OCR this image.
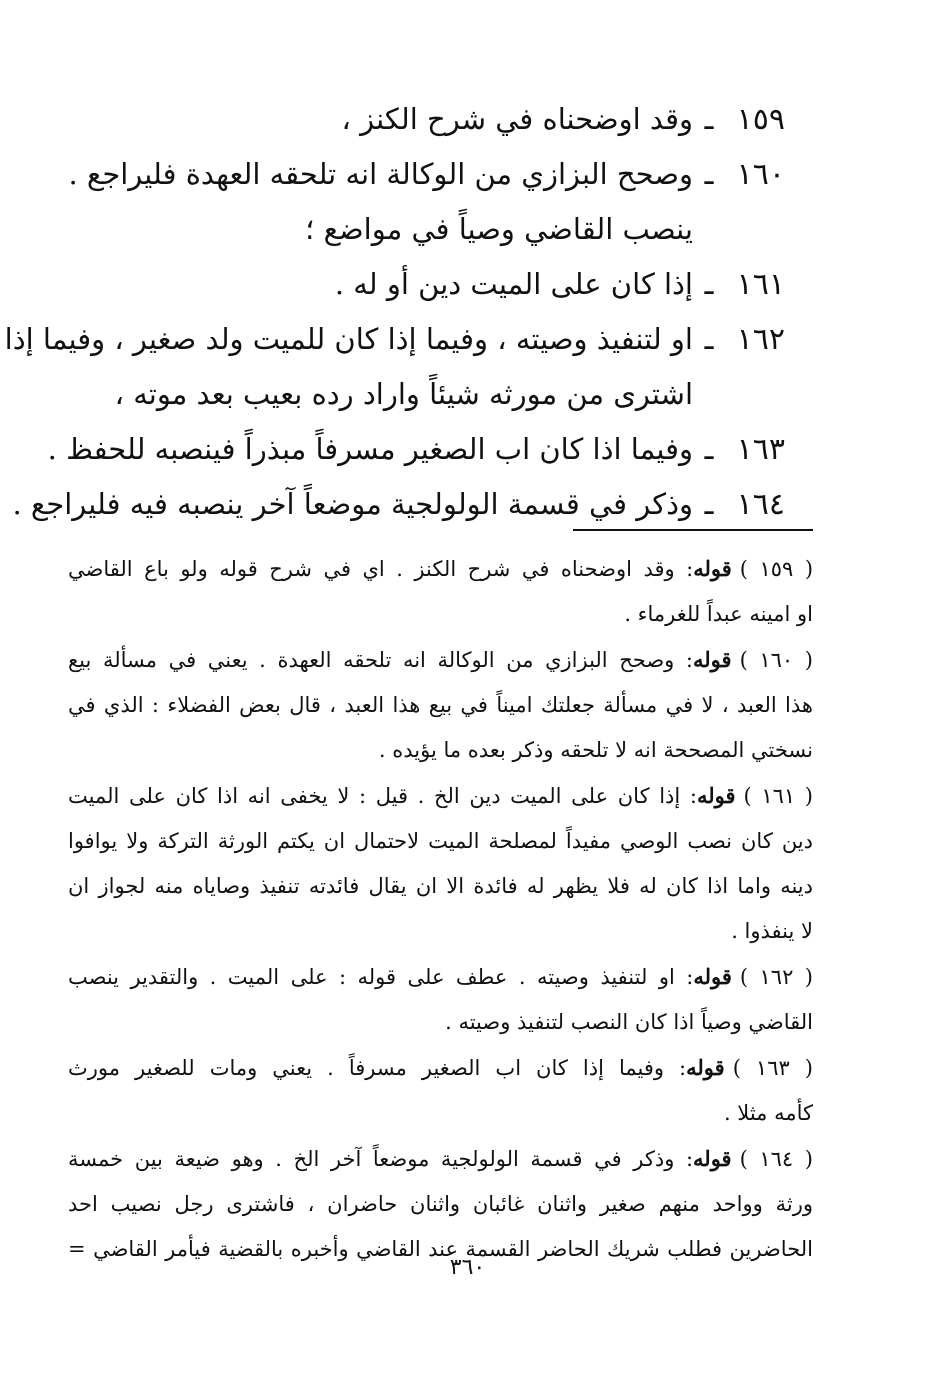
١٥٩
ـ
وقد اوضحناه في شرح الكنز ،
١٦٠
ـ
وصحح البزازي من الوكالة انه تلحقه العهدة فليراجع .
ينصب القاضي وصياً في مواضع ؛
١٦١
ـ
إذا كان على الميت دين أو له .
١٦٢
ـ
او لتنفيذ وصيته ، وفيما إذا كان للميت ولد صغير ، وفيما إذا
اشترى من مورثه شيئاً واراد رده بعيب بعد موته ،
١٦٣
ـ
وفيما اذا كان اب الصغير مسرفاً مبذراً فينصبه للحفظ .
١٦٤
ـ
وذكر في قسمة الولولجية موضعاً آخر ينصبه فيه فليراجع .

( ١٥٩ )قوله: وقد اوضحناه في شرح الكنز . اي في شرح قوله ولو باع القاضي
او امينه عبداً للغرماء .

( ١٦٠ )قوله: وصحح البزازي من الوكالة انه تلحقه العهدة . يعني في مسألة بيع
هذا العبد ، لا في مسألة جعلتك اميناً في بيع هذا العبد ، قال بعض الفضلاء : الذي في
نسختي المصححة انه لا تلحقه وذكر بعده ما يؤيده .

( ١٦١ )قوله: إذا كان على الميت دين الخ . قيل : لا يخفى انه اذا كان على الميت
دين كان نصب الوصي مفيداً لمصلحة الميت لاحتمال ان يكتم الورثة التركة ولا يوافوا
دينه واما اذا كان له فلا يظهر له فائدة الا ان يقال فائدته تنفيذ وصاياه منه لجواز ان
لا ينفذوا .

( ١٦٢ )قوله: او لتنفيذ وصيته . عطف على قوله : على الميت . والتقدير ينصب
القاضي وصياً اذا كان النصب لتنفيذ وصيته .

( ١٦٣ )قوله: وفيما إذا كان اب الصغير مسرفاً . يعني ومات للصغير مورث
كأمه مثلا .

( ١٦٤ )قوله: وذكر في قسمة الولولجية موضعاً آخر الخ . وهو ضيعة بين خمسة
ورثة وواحد منهم صغير واثنان غائبان واثنان حاضران ، فاشترى رجل نصيب احد
الحاضرين فطلب شريك الحاضر القسمة عند القاضي وأخبره بالقضية فيأمر القاضي =

٣٦٠
